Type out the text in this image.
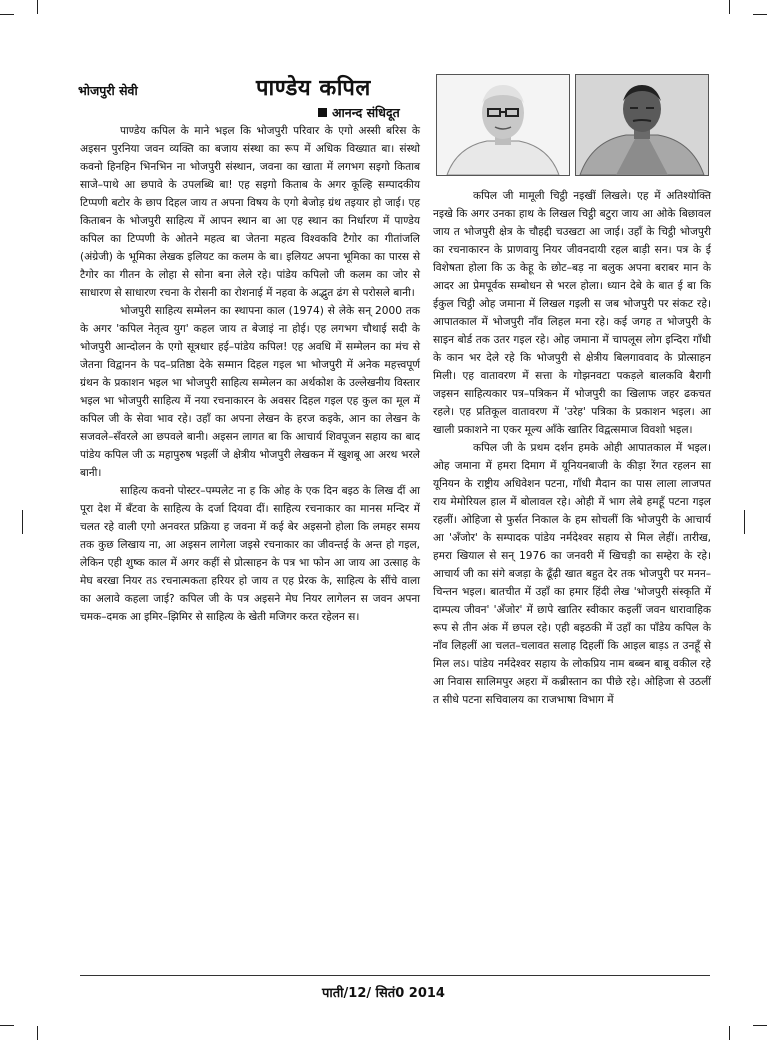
भोजपुरी सेवी	पाण्डेय कपिल
आनन्द संधिदूत

पाण्डेय कपिल के माने भइल कि भोजपुरी परिवार के एगो अस्सी बरिस के अइसन पुरनिया जवन व्यक्ति का बजाय संस्था का रूप में अधिक विख्यात बा। संस्थो कवनो हिनहिन भिनभिन ना भोजपुरी संस्थान, जवना का खाता में लगभग सइगो किताब साजे–पाथे आ छपावे के उपलब्धि बा! एह सइगो किताब के अगर कूल्हि सम्पादकीय टिप्पणी बटोर के छाप दिहल जाय त अपना विषय के एगो बेजोड़ ग्रंथ तइयार हो जाई। एह किताबन के भोजपुरी साहित्य में आपन स्थान बा आ एह स्थान का निर्धारण में पाण्डेय कपिल का टिप्पणी के ओतने महत्व बा जेतना महत्व विश्वकवि टैगोर का गीतांजलि (अंग्रेजी) के भूमिका लेखक इलियट का कलम के बा। इलियट अपना भूमिका का पारस से टैगोर का गीतन के लोहा से सोना बना लेले रहे। पांडेय कपिलो जी कलम का जोर से साधारण से साधारण रचना के रोसनी का रोशनाई में नहवा के अद्भुत ढंग से परोसले बानी।

भोजपुरी साहित्य सम्मेलन का स्थापना काल (1974) से लेके सन् 2000 तक के अगर 'कपिल नेतृत्व युग' कहल जाय त बेजाइं ना होई। एह लगभग चौथाई सदी के भोजपुरी आन्दोलन के एगो सूत्रधार हई–पांडेय कपिल! एह अवधि में सम्मेलन का मंच से जेतना विद्वानन के पद–प्रतिष्ठा देके सम्मान दिहल गइल भा भोजपुरी में अनेक महत्त्वपूर्ण ग्रंथन के प्रकाशन भइल भा भोजपुरी साहित्य सम्मेलन का अर्थकोश के उल्लेखनीय विस्तार भइल भा भोजपुरी साहित्य में नया रचनाकारन के अवसर दिहल गइल एह कुल का मूल में कपिल जी के सेवा भाव रहे। उहाँ का अपना लेखन के हरज कइके, आन का लेखन के सजवले–सँवरले आ छपवले बानी। अइसन लागत बा कि आचार्य शिवपूजन सहाय का बाद पांडेय कपिल जी ऊ महापुरुष भइलीं जे क्षेत्रीय भोजपुरी लेखकन में खुशबू आ अरथ भरले बानी।

साहित्य कवनो पोस्टर–पम्पलेट ना ह कि ओह के एक दिन बइठ के लिख दीं आ पूरा देश में बँटवा के साहित्य के दर्जा दियवा दीं। साहित्य रचनाकार का मानस मन्दिर में चलत रहे वाली एगो अनवरत प्रक्रिया ह जवना में कई बेर अइसनो होला कि लमहर समय तक कुछ लिखाय ना, आ अइसन लागेला जइसे रचनाकार का जीवन्तई के अन्त हो गइल, लेकिन एही शुष्क काल में अगर कहीं से प्रोत्साहन के पत्र भा फोन आ जाय आ उत्साह के मेघ बरखा नियर तऽ रचनात्मकता हरियर हो जाय त एह प्रेरक के, साहित्य के सींचे वाला का अलावे कहला जाई? कपिल जी के पत्र अइसने मेघ नियर लागेलन स जवन अपना चमक–दमक आ इमिर–झिमिर से साहित्य के खेती मजिगर करत रहेलन स।

कपिल जी मामूली चिट्ठी नइखीं लिखले। एह में अतिश्योक्ति नइखे कि अगर उनका हाथ के लिखल चिट्ठी बटुरा जाय आ ओके बिछावल जाय त भोजपुरी क्षेत्र के चौहद्दी चउखटा आ जाई। उहाँ के चिट्ठी भोजपुरी का रचनाकारन के प्राणवायु नियर जीवनदायी रहल बाड़ी सन। पत्र के ई विशेषता होला कि ऊ केहू के छोट–बड़ ना बलुक अपना बराबर मान के आदर आ प्रेमपूर्वक सम्बोधन से भरल होला। ध्यान देबे के बात ई बा कि ईकुल चिट्ठी ओह जमाना में लिखल गइली स जब भोजपुरी पर संकट रहे। आपातकाल में भोजपुरी नाँव लिहल मना रहे। कई जगह त भोजपुरी के साइन बोर्ड तक उतर गइल रहे। ओह जमाना में चापलूस लोग इन्दिरा गाँधी के कान भर देले रहे कि भोजपुरी से क्षेत्रीय बिलगाववाद के प्रोत्साहन मिली। एह वातावरण में सत्ता के गोझनवटा पकड़ले बालकवि बैरागी जइसन साहित्यकार पत्र–पत्रिकन में भोजपुरी का खिलाफ जहर ढकचत रहले। एह प्रतिकूल वातावरण में 'उरेह' पत्रिका के प्रकाशन भइल। आ खाली प्रकाशने ना एकर मूल्य आँके खातिर विद्वत्समाज विवशो भइल।

कपिल जी के प्रथम दर्शन हमके ओही आपातकाल में भइल। ओह जमाना में हमरा दिमाग में यूनियनबाजी के कीड़ा रेंगत रहलन सा यूनियन के राष्ट्रीय अधिवेशन पटना, गाँधी मैदान का पास लाला लाजपत राय मेमोरियल हाल में बोलावल रहे। ओही में भाग लेबे हमहूँ पटना गइल रहलीं। ओहिजा से फुर्सत निकाल के हम सोचलीं कि भोजपुरी के आचार्य आ 'अँजोर' के सम्पादक पांडेय नर्मदेश्वर सहाय से मिल लेहीं। तारीख, हमरा खियाल से सन् 1976 का जनवरी में खिचड़ी का सम्हेरा के रहे। आचार्य जी का संगे बजड़ा के ढूँढ़ी खात बहुत देर तक भोजपुरी पर मनन–चिन्तन भइल। बातचीत में उहाँ का हमार हिंदी लेख 'भोजपुरी संस्कृति में दाम्पत्य जीवन' 'अँजोर' में छापे खातिर स्वीकार कइलीं जवन धारावाहिक रूप से तीन अंक में छपल रहे। एही बइठकी में उहाँ का पाँडेय कपिल के नाँव लिहलीं आ चलत–चलावत सलाह दिहलीं कि आइल बाड़ऽ त उनहूँ से मिल लऽ। पांडेय नर्मदेश्वर सहाय के लोकप्रिय नाम बब्बन बाबू वकील रहे आ निवास सालिमपुर अहरा में कब्रीस्तान का पीछे रहे। ओहिजा से उठलीं त सीधे पटना सचिवालय का राजभाषा विभाग में

पाती/12/ सितं0 2014
